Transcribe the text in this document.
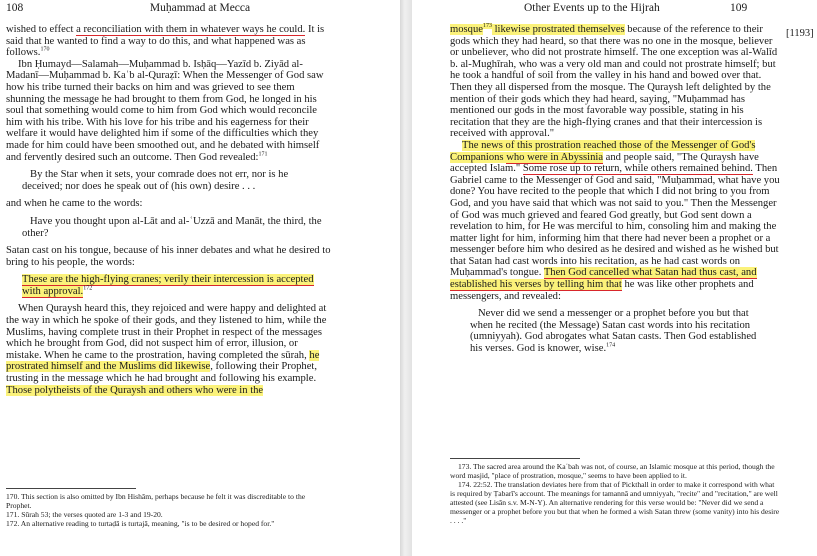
108	Muḥammad at Mecca

wished to effect a reconciliation with them in whatever ways he could. It is said that he wanted to find a way to do this, and what happened was as follows.$^{170}$

Ibn Ḥumayd—Salamah—Muḥammad b. Isḥāq—Yazīd b. Ziyād al-Madanī—Muḥammad b. Kaʿb al-Quraẓī: When the Messenger of God saw how his tribe turned their backs on him and was grieved to see them shunning the message he had brought to them from God, he longed in his soul that something would come to him from God which would reconcile him with his tribe. With his love for his tribe and his eagerness for their welfare it would have delighted him if some of the difficulties which they made for him could have been smoothed out, and he debated with himself and fervently desired such an outcome. Then God revealed:$^{171}$

By the Star when it sets, your comrade does not err, nor is he deceived; nor does he speak out of (his own) desire . . .

and when he came to the words:

Have you thought upon al-Lāt and al-ʿUzzā and Manāt, the third, the other?

Satan cast on his tongue, because of his inner debates and what he desired to bring to his people, the words:

These are the high-flying cranes; verily their intercession is accepted with approval.$^{172}$

When Quraysh heard this, they rejoiced and were happy and delighted at the way in which he spoke of their gods, and they listened to him, while the Muslims, having complete trust in their Prophet in respect of the messages which he brought from God, did not suspect him of error, illusion, or mistake. When he came to the prostration, having completed the sūrah, he prostrated himself and the Muslims did likewise, following their Prophet, trusting in the message which he had brought and following his example. Those polytheists of the Quraysh and others who were in the

170. This section is also omitted by Ibn Hishām, perhaps because he felt it was discreditable to the Prophet.

171. Sūrah 53; the verses quoted are 1-3 and 19-20.

172. An alternative reading to turtaḍā is turtajā, meaning, "is to be desired or hoped for."

Other Events up to the Hijrah	109
[1193]

mosque$^{173}$ likewise prostrated themselves because of the reference to their gods which they had heard, so that there was no one in the mosque, believer or unbeliever, who did not prostrate himself. The one exception was al-Walīd b. al-Mughīrah, who was a very old man and could not prostrate himself; but he took a handful of soil from the valley in his hand and bowed over that. Then they all dispersed from the mosque. The Quraysh left delighted by the mention of their gods which they had heard, saying, "Muḥammad has mentioned our gods in the most favorable way possible, stating in his recitation that they are the high-flying cranes and that their intercession is received with approval."

The news of this prostration reached those of the Messenger of God's Companions who were in Abyssinia and people said, "The Quraysh have accepted Islam." Some rose up to return, while others remained behind. Then Gabriel came to the Messenger of God and said, "Muḥammad, what have you done? You have recited to the people that which I did not bring to you from God, and you have said that which was not said to you." Then the Messenger of God was much grieved and feared God greatly, but God sent down a revelation to him, for He was merciful to him, consoling him and making the matter light for him, informing him that there had never been a prophet or a messenger before him who desired as he desired and wished as he wished but that Satan had cast words into his recitation, as he had cast words on Muḥammad's tongue. Then God cancelled what Satan had thus cast, and established his verses by telling him that he was like other prophets and messengers, and revealed:

Never did we send a messenger or a prophet before you but that when he recited (the Message) Satan cast words into his recitation (umniyyah). God abrogates what Satan casts. Then God established his verses. God is knower, wise.$^{174}$

173. The sacred area around the Kaʿbah was not, of course, an Islamic mosque at this period, though the word masjid, "place of prostration, mosque," seems to have been applied to it.

174. 22:52. The translation deviates here from that of Pickthall in order to make it correspond with what is required by Ṭabarī's account. The meanings for tamannā and umniyyah, "recite" and "recitation," are well attested (see Lisān s.v. M-N-Y). An alternative rendering for this verse would be: "Never did we send a messenger or a prophet before you but that when he formed a wish Satan threw (some vanity) into his desire . . . ."
